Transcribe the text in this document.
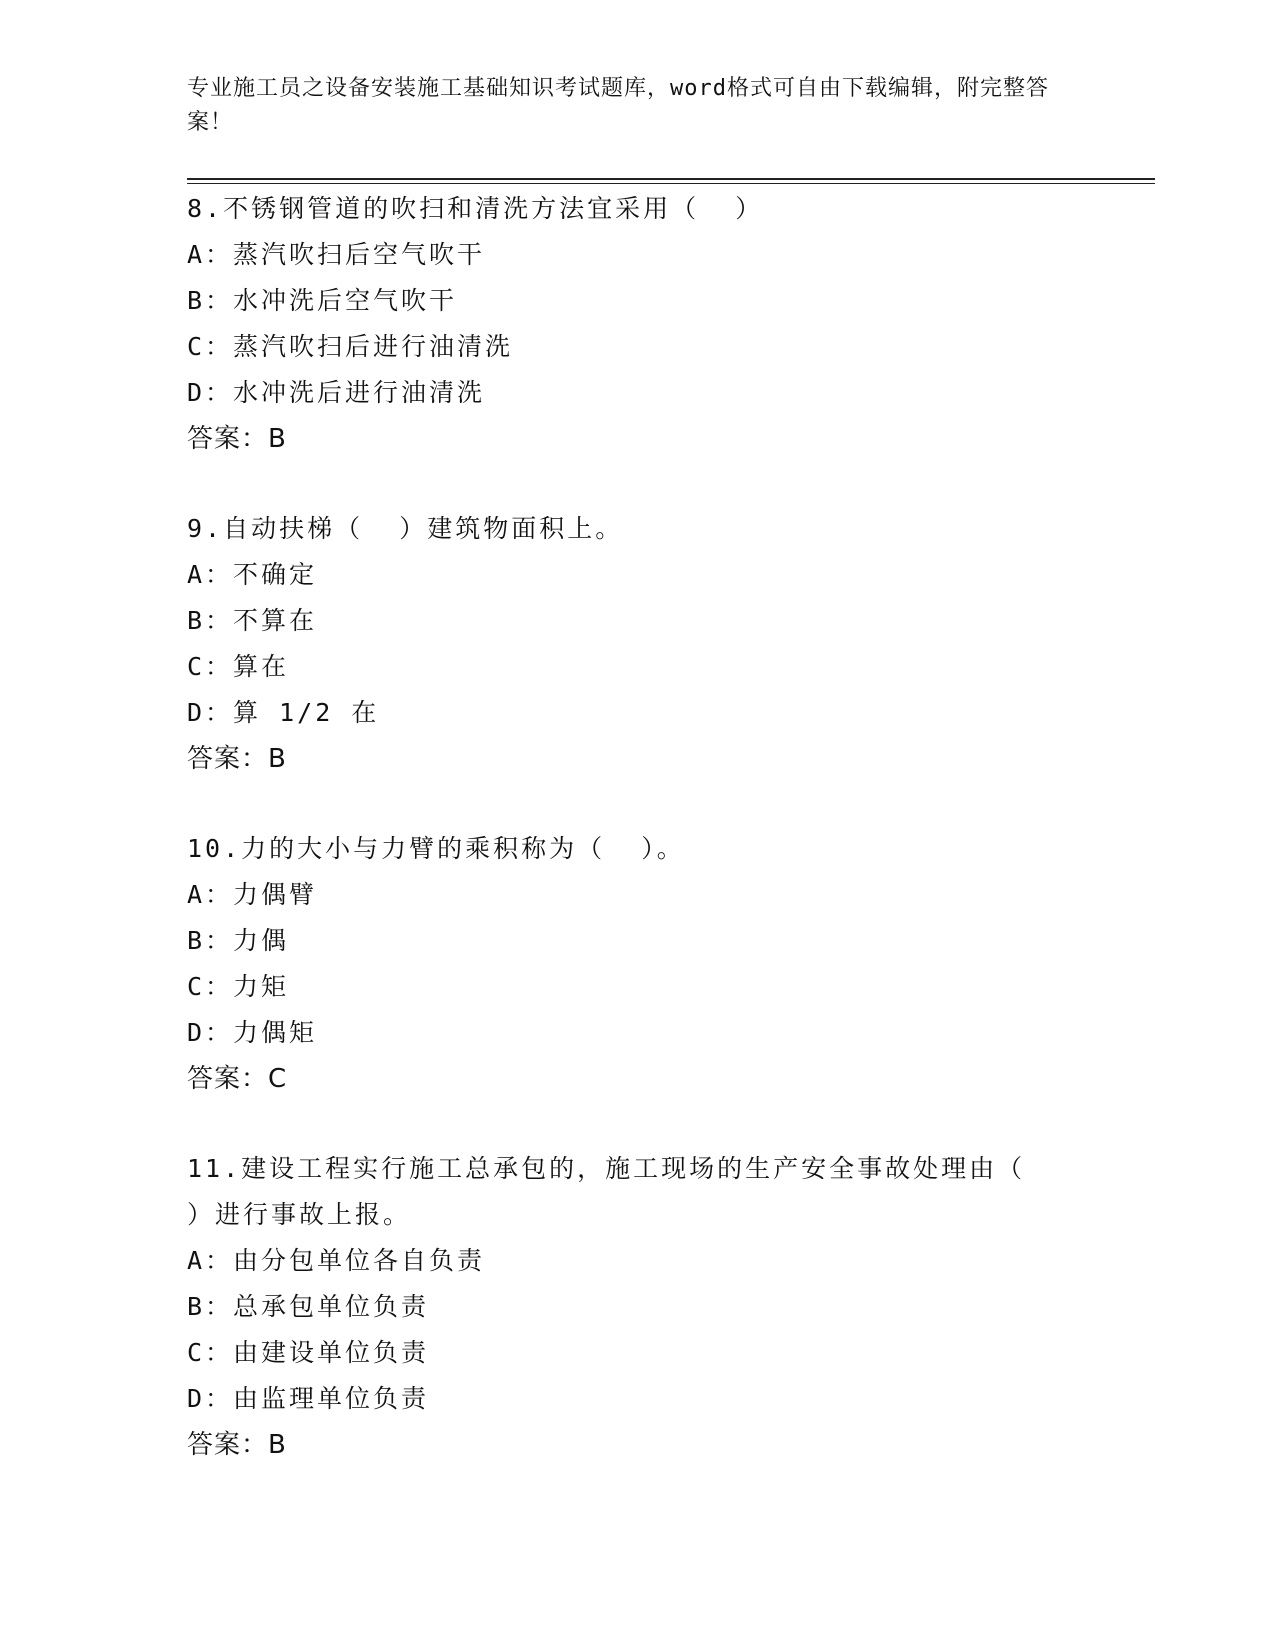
专业施工员之设备安装施工基础知识考试题库，word格式可自由下载编辑，附完整答案！
8.不锈钢管道的吹扫和清洗方法宜采用（  ）
A：蒸汽吹扫后空气吹干
B：水冲洗后空气吹干
C：蒸汽吹扫后进行油清洗
D：水冲洗后进行油清洗
答案：B
9.自动扶梯（  ）建筑物面积上。
A：不确定
B：不算在
C：算在
D：算 1/2 在
答案：B
10.力的大小与力臂的乘积称为（  ）。
A：力偶臂
B：力偶
C：力矩
D：力偶矩
答案：C
11.建设工程实行施工总承包的，施工现场的生产安全事故处理由（  ）进行事故上报。
A：由分包单位各自负责
B：总承包单位负责
C：由建设单位负责
D：由监理单位负责
答案：B
